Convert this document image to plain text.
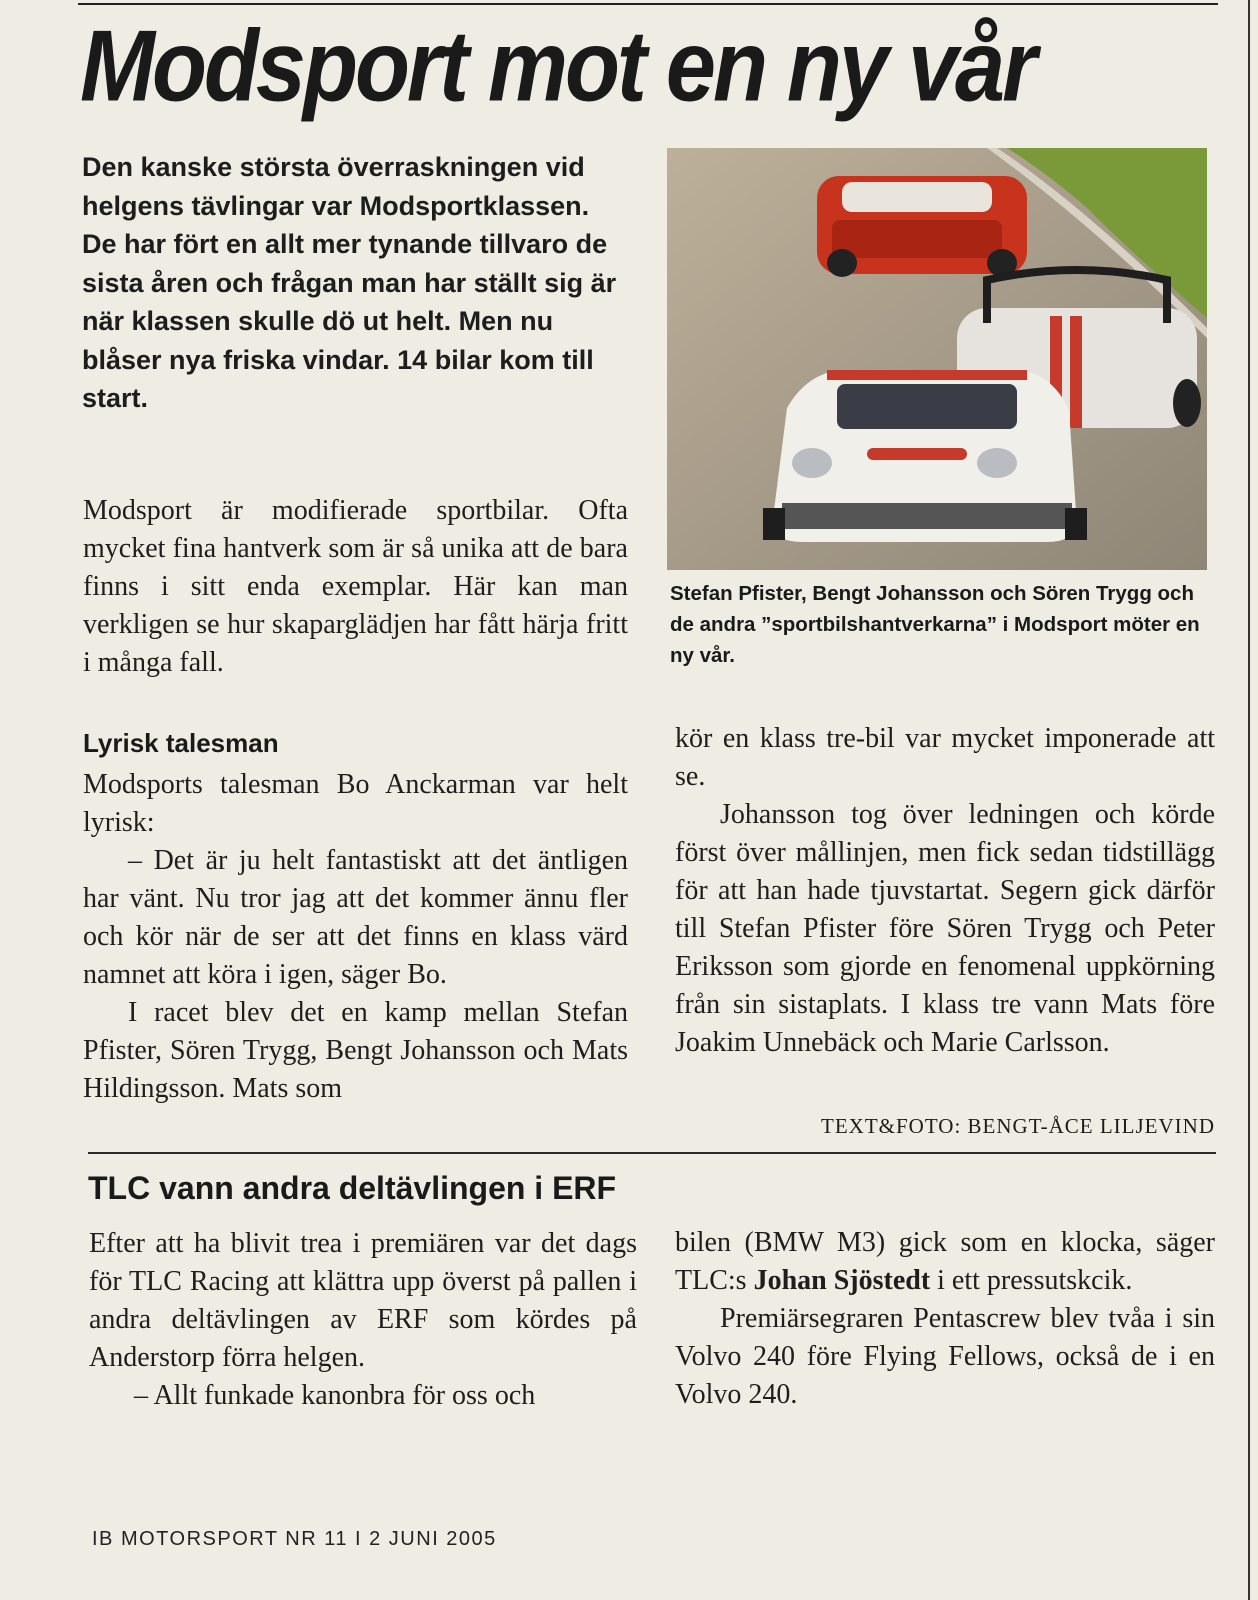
Modsport mot en ny vår
Den kanske största överraskningen vid helgens tävlingar var Modsportklassen. De har fört en allt mer tynande tillvaro de sista åren och frågan man har ställt sig är när klassen skulle dö ut helt. Men nu blåser nya friska vindar. 14 bilar kom till start.

Modsport är modifierade sportbilar. Ofta mycket fina hantverk som är så unika att de bara finns i sitt enda exemplar. Här kan man verkligen se hur skaparglädjen har fått härja fritt i många fall.

Lyrisk talesman

Modsports talesman Bo Anckarman var helt lyrisk:

– Det är ju helt fantastiskt att det äntligen har vänt. Nu tror jag att det kommer ännu fler och kör när de ser att det finns en klass värd namnet att köra i igen, säger Bo.

I racet blev det en kamp mellan Stefan Pfister, Sören Trygg, Bengt Johansson och Mats Hildingsson. Mats som

Stefan Pfister, Bengt Johansson och Sören Trygg och de andra ”sportbilshantverkarna” i Modsport möter en ny vår.

kör en klass tre-bil var mycket imponerade att se.

Johansson tog över ledningen och körde först över mållinjen, men fick sedan tidstillägg för att han hade tjuvstartat. Segern gick därför till Stefan Pfister före Sören Trygg och Peter Eriksson som gjorde en fenomenal uppkörning från sin sistaplats. I klass tre vann Mats före Joakim Unnebäck och Marie Carlsson.

TEXT&FOTO: BENGT-ÅCE LILJEVIND
TLC vann andra deltävlingen i ERF

Efter att ha blivit trea i premiären var det dags för TLC Racing att klättra upp överst på pallen i andra deltävlingen av ERF som kördes på Anderstorp förra helgen.

– Allt funkade kanonbra för oss och

bilen (BMW M3) gick som en klocka, säger TLC:s Johan Sjöstedt i ett pressutskcik.

Premiärsegraren Pentascrew blev tvåa i sin Volvo 240 före Flying Fellows, också de i en Volvo 240.

IB MOTORSPORT NR 11 I 2 JUNI 2005
